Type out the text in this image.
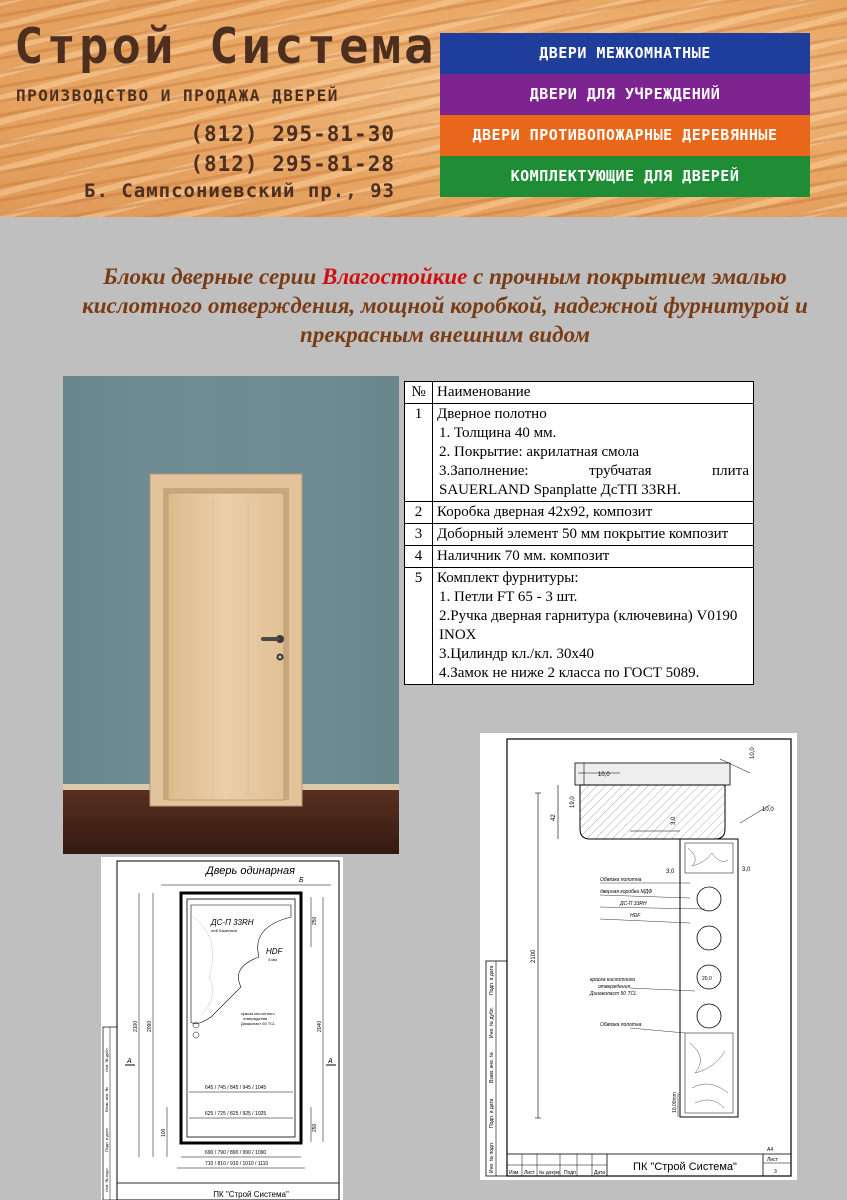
Строй Система
ПРОИЗВОДСТВО И ПРОДАЖА ДВЕРЕЙ
(812) 295-81-30
(812) 295-81-28
Б. Сампсониевский пр., 93
ДВЕРИ МЕЖКОМНАТНЫЕ
ДВЕРИ ДЛЯ УЧРЕЖДЕНИЙ
ДВЕРИ ПРОТИВОПОЖАРНЫЕ ДЕРЕВЯННЫЕ
КОМПЛЕКТУЮЩИЕ ДЛЯ ДВЕРЕЙ
Блоки дверные серии Влагостойкие с прочным покрытием эмалью кислотного отверждения, мощной коробкой, надежной фурнитурой и прекрасным внешним видом
№	Наименование
1	Дверное полотно
1. Толщина 40 мм.
2. Покрытие: акрилатная смола
3.Заполнение: трубчатая плита
SAUERLAND Spanplatte ДсТП 33RH.

2	Коробка дверная 42х92, композит
3	Доборный элемент 50 мм покрытие композит
4	Наличник 70 мм. композит
5	Комплект фурнитуры:
1. Петли FT 65 - 3 шт.
2.Ручка дверная гарнитура (ключевина) V0190 INOX
3.Цилиндр кл./кл. 30х40
4.Замок не ниже 2 класса по ГОСТ 5089.
Инв. № подл.
Подп. и дата
Взам. инв. №
Инв. № дубл.
Подп. и дата
10,0
10,0
10,0
19,0
42	3,0
3,0	3,0
2100
20,0
10,00mm
Обвязка полотна
дверная коробка МДФ
ДС-П 33RH
HDF
краска кислотного
отверждения
Динаколаст 50 TCL
Обвязка полотна
Изм Лист № докум Подп	Дата
Лист
3
A4
ПК "Строй Система"
Инв. № подл.
Подп. и дата
Взам. инв. №
Инв. № дубл.
Дверь одинарная
Б
ДС-П 33RH
mdt Sauerland
HDF
3 мм
краска кислотного
отверждения
Дюаколаст 50 TCL
2100 2090
100
2040
250
250
645 / 745 / 845 / 945 / 1045
625 / 725 / 825 / 925 / 1025
690 / 790 / 890 / 990 / 1090
710 / 810 / 910 / 1010 / 1110
А	А
ПК "Строй Система"
